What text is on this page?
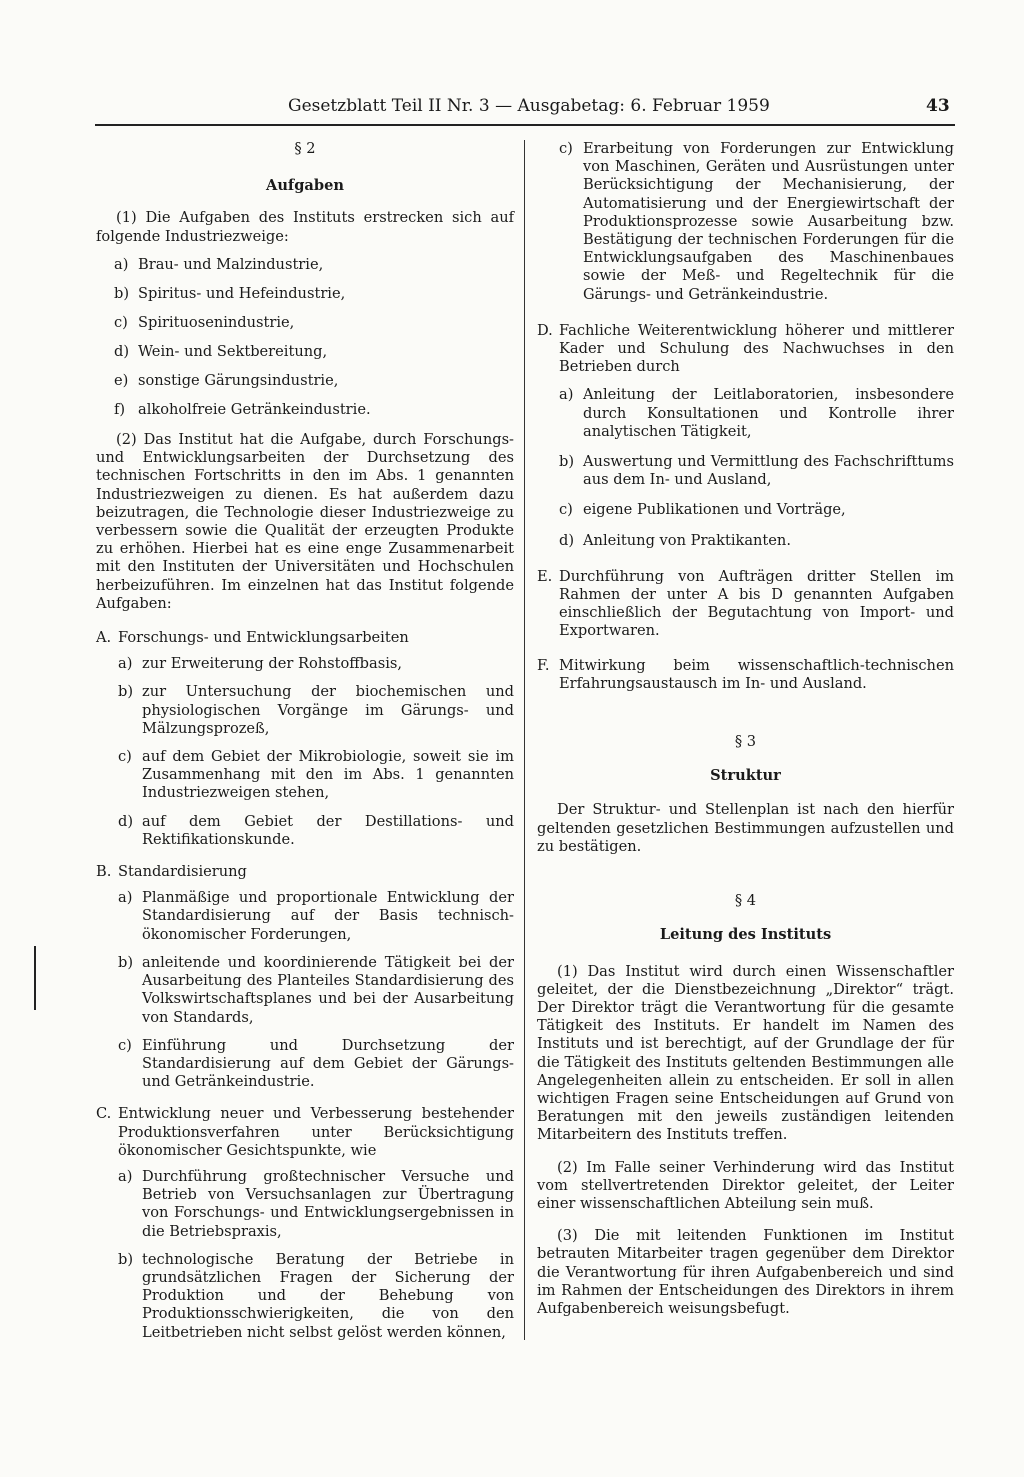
Gesetzblatt Teil II Nr. 3 — Ausgabetag: 6. Februar 1959	43

§ 2

Aufgaben

(1) Die Aufgaben des Instituts erstrecken sich auf folgende Industriezweige:

a) Brau- und Malzindustrie,
b) Spiritus- und Hefeindustrie,
c) Spirituosenindustrie,
d) Wein- und Sektbereitung,
e) sonstige Gärungsindustrie,
f) alkoholfreie Getränkeindustrie.

(2) Das Institut hat die Aufgabe, durch Forschungs- und Entwicklungsarbeiten der Durchsetzung des technischen Fortschritts in den im Abs. 1 genannten Industriezweigen zu dienen. Es hat außerdem dazu beizutragen, die Technologie dieser Industriezweige zu verbessern sowie die Qualität der erzeugten Produkte zu erhöhen. Hierbei hat es eine enge Zusammenarbeit mit den Instituten der Universitäten und Hochschulen herbeizuführen. Im einzelnen hat das Institut folgende Aufgaben:

A. Forschungs- und Entwicklungsarbeiten
a) zur Erweiterung der Rohstoffbasis,
b) zur Untersuchung der biochemischen und physiologischen Vorgänge im Gärungs- und Mälzungsprozeß,
c) auf dem Gebiet der Mikrobiologie, soweit sie im Zusammenhang mit den im Abs. 1 genannten Industriezweigen stehen,
d) auf dem Gebiet der Destillations- und Rektifikationskunde.
B. Standardisierung
a) Planmäßige und proportionale Entwicklung der Standardisierung auf der Basis technisch-ökonomischer Forderungen,
b) anleitende und koordinierende Tätigkeit bei der Ausarbeitung des Planteiles Standardisierung des Volkswirtschaftsplanes und bei der Ausarbeitung von Standards,
c) Einführung und Durchsetzung der Standardisierung auf dem Gebiet der Gärungs- und Getränkeindustrie.
C. Entwicklung neuer und Verbesserung bestehender Produktionsverfahren unter Berücksichtigung ökonomischer Gesichtspunkte, wie
a) Durchführung großtechnischer Versuche und Betrieb von Versuchsanlagen zur Übertragung von Forschungs- und Entwicklungsergebnissen in die Betriebspraxis,
b) technologische Beratung der Betriebe in grundsätzlichen Fragen der Sicherung der Produktion und der Behebung von Produktionsschwierigkeiten, die von den Leitbetrieben nicht selbst gelöst werden können,
c) Erarbeitung von Forderungen zur Entwicklung von Maschinen, Geräten und Ausrüstungen unter Berücksichtigung der Mechanisierung, der Automatisierung und der Energiewirtschaft der Produktionsprozesse sowie Ausarbeitung bzw. Bestätigung der technischen Forderungen für die Entwicklungsaufgaben des Maschinenbaues sowie der Meß- und Regeltechnik für die Gärungs- und Getränkeindustrie.
D. Fachliche Weiterentwicklung höherer und mittlerer Kader und Schulung des Nachwuchses in den Betrieben durch
a) Anleitung der Leitlaboratorien, insbesondere durch Konsultationen und Kontrolle ihrer analytischen Tätigkeit,
b) Auswertung und Vermittlung des Fachschrifttums aus dem In- und Ausland,
c) eigene Publikationen und Vorträge,
d) Anleitung von Praktikanten.
E. Durchführung von Aufträgen dritter Stellen im Rahmen der unter A bis D genannten Aufgaben einschließlich der Begutachtung von Import- und Exportwaren.
F. Mitwirkung beim wissenschaftlich-technischen Erfahrungsaustausch im In- und Ausland.

§ 3

Struktur

Der Struktur- und Stellenplan ist nach den hierfür geltenden gesetzlichen Bestimmungen aufzustellen und zu bestätigen.

§ 4

Leitung des Instituts

(1) Das Institut wird durch einen Wissenschaftler geleitet, der die Dienstbezeichnung „Direktor“ trägt. Der Direktor trägt die Verantwortung für die gesamte Tätigkeit des Instituts. Er handelt im Namen des Instituts und ist berechtigt, auf der Grundlage der für die Tätigkeit des Instituts geltenden Bestimmungen alle Angelegenheiten allein zu entscheiden. Er soll in allen wichtigen Fragen seine Entscheidungen auf Grund von Beratungen mit den jeweils zuständigen leitenden Mitarbeitern des Instituts treffen.

(2) Im Falle seiner Verhinderung wird das Institut vom stellvertretenden Direktor geleitet, der Leiter einer wissenschaftlichen Abteilung sein muß.

(3) Die mit leitenden Funktionen im Institut betrauten Mitarbeiter tragen gegenüber dem Direktor die Verantwortung für ihren Aufgabenbereich und sind im Rahmen der Entscheidungen des Direktors in ihrem Aufgabenbereich weisungsbefugt.
